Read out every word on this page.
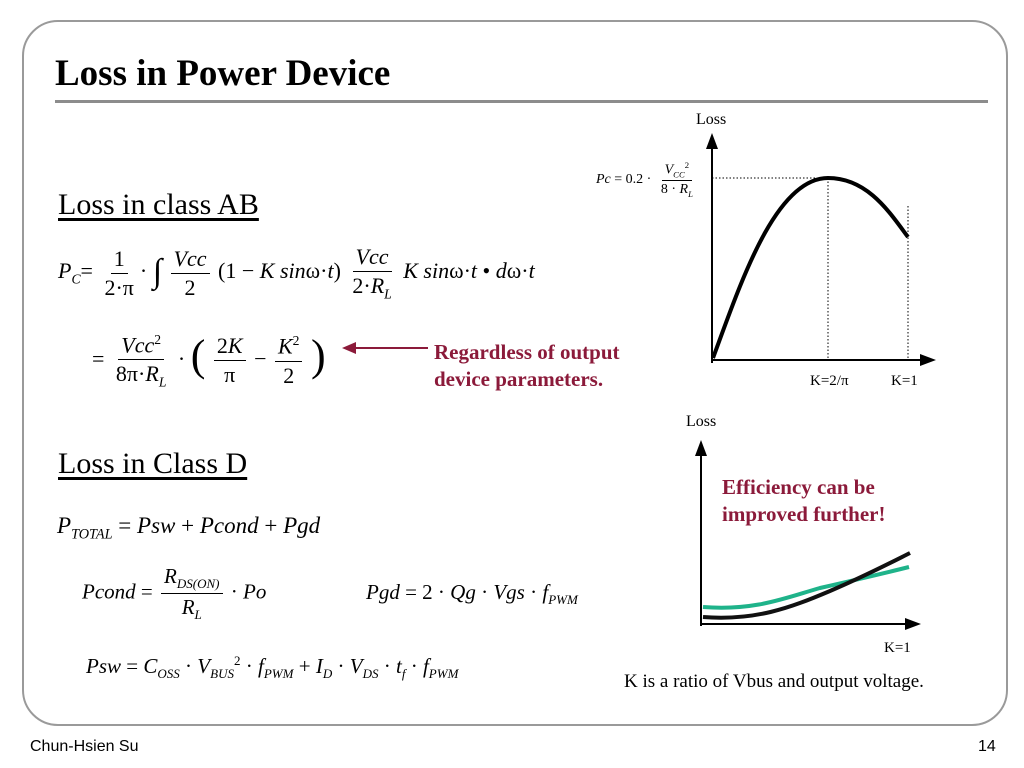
Loss in Power Device
Loss in class AB
$P_C= \frac{1}{2\cdot\pi}$ · ∫ $\frac{\text{Vcc}}{2} (1 - K$ $\sin\omega\cdot t) \frac{\text{Vcc}}{2\cdot R_L}$ K sinω·t • dω·t
= $\frac{Vcc^2}{8\pi\cdot R_L}$ · ( $\frac{2K}{\pi} - \frac{K^2}{2}$ )	Regardless of output
device parameters.
Loss in Class D
$P_{TOTAL}$ = Psw + Pcond + Pgd
Pcond = $\frac{R_{DS(ON)}}{R_L} \cdot Po$	Pgd = 2 · Qg · Vgs · $f_{PWM}$
Psw = $C_{OSS} \cdot V_{BUS}^2 \cdot f_{PWM} + I_D \cdot V_{DS} \cdot t_f \cdot f_{PWM}$
Loss
K=2/π	K=1
$Pc = 0.2 \cdot \frac{V_{CC}^2}{8 \cdot R_L}$
Loss
K=1
Efficiency can be
improved further!
K is a ratio of Vbus and output voltage.
Chun-Hsien Su	14
